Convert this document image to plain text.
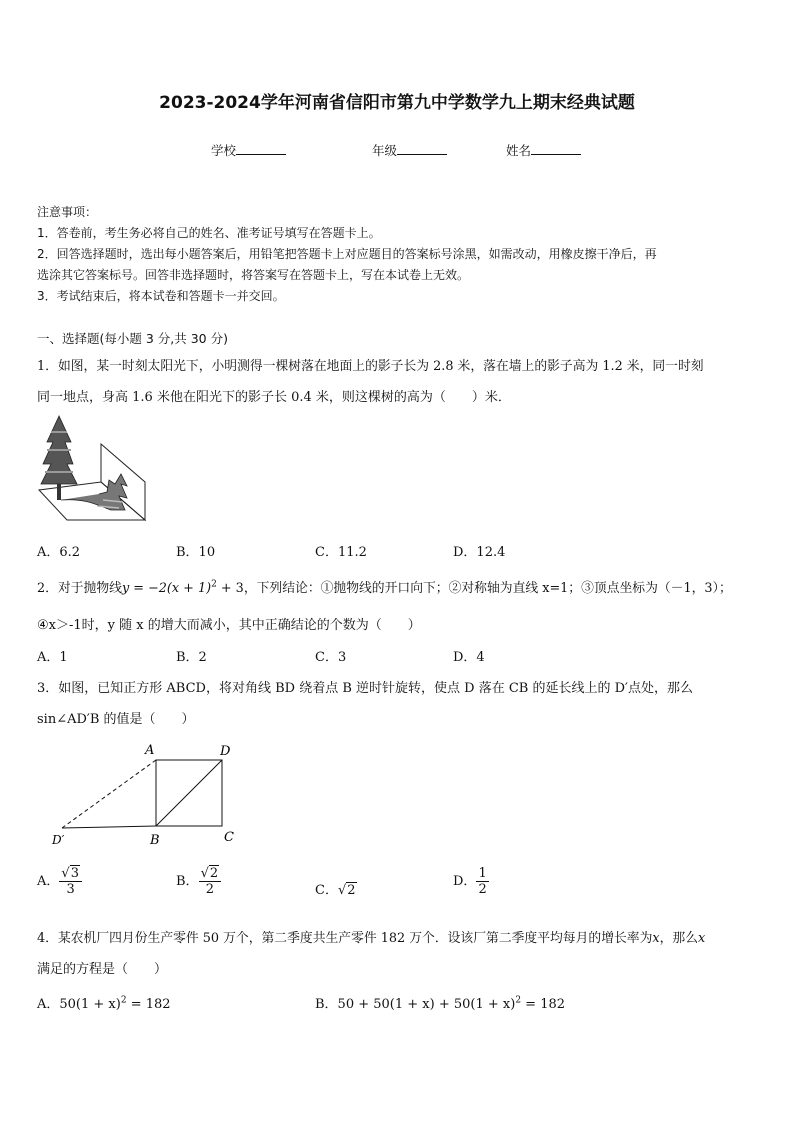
2023-2024学年河南省信阳市第九中学数学九上期末经典试题
学校	年级	姓名
注意事项：
1．答卷前，考生务必将自己的姓名、准考证号填写在答题卡上。
2．回答选择题时，选出每小题答案后，用铅笔把答题卡上对应题目的答案标号涂黑，如需改动，用橡皮擦干净后，再
选涂其它答案标号。回答非选择题时，将答案写在答题卡上，写在本试卷上无效。
3．考试结束后，将本试卷和答题卡一并交回。
一、选择题(每小题 3 分,共 30 分)
1．如图，某一时刻太阳光下，小明测得一棵树落在地面上的影子长为 2.8 米，落在墙上的影子高为 1.2 米，同一时刻
同一地点，身高 1.6 米他在阳光下的影子长 0.4 米，则这棵树的高为（　　）米．
A．6.2	B．10	C．11.2	D．12.4
2．对于抛物线$y = -2(x + 1)^2 + 3$，下列结论：①抛物线的开口向下；②对称轴为直线 x=1；③顶点坐标为（－1，3）；
④x＞-1时，y 随 x 的增大而减小，其中正确结论的个数为（　　）
A．1	B．2	C．3	D．4
3．如图，已知正方形 ABCD，将对角线 BD 绕着点 B 逆时针旋转，使点 D 落在 CB 的延长线上的 D′点处，那么
sin∠AD′B 的值是（　　）
A	D
D′	B	C
A． $\frac{√3}{3}$	B． $\frac{√2}{2}$	C．√2
D． $\frac{1}{2}$
4．某农机厂四月份生产零件 50 万个，第二季度共生产零件 182 万个．设该厂第二季度平均每月的增长率为x，那么x
满足的方程是（　　）
A．$50(1 + x)^2 = 182$	B．$50 + 50(1 + x) + 50(1 + x)^2 = 182$
